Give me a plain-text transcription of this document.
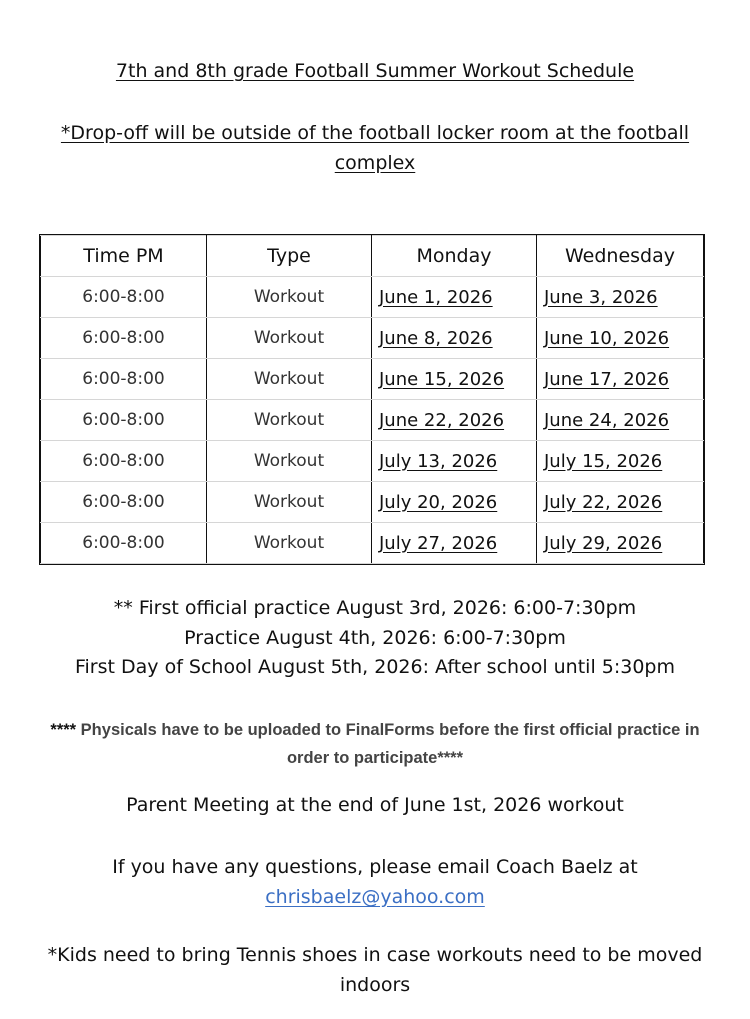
7th and 8th grade Football Summer Workout Schedule
*Drop-off will be outside of the football locker room at the football complex
Time PM	Type	Monday	Wednesday
6:00-8:00	Workout	June 1, 2026	June 3, 2026
6:00-8:00	Workout	June 8, 2026	June 10, 2026
6:00-8:00	Workout	June 15, 2026	June 17, 2026
6:00-8:00	Workout	June 22, 2026	June 24, 2026
6:00-8:00	Workout	July 13, 2026	July 15, 2026
6:00-8:00	Workout	July 20, 2026	July 22, 2026
6:00-8:00	Workout	July 27, 2026	July 29, 2026
** First official practice August 3rd, 2026: 6:00-7:30pm
Practice August 4th, 2026: 6:00-7:30pm
First Day of School August 5th, 2026: After school until 5:30pm
**** Physicals have to be uploaded to FinalForms before the first official practice in order to participate****
Parent Meeting at the end of June 1st, 2026 workout
If you have any questions, please email Coach Baelz at
chrisbaelz@yahoo.com
*Kids need to bring Tennis shoes in case workouts need to be moved indoors
